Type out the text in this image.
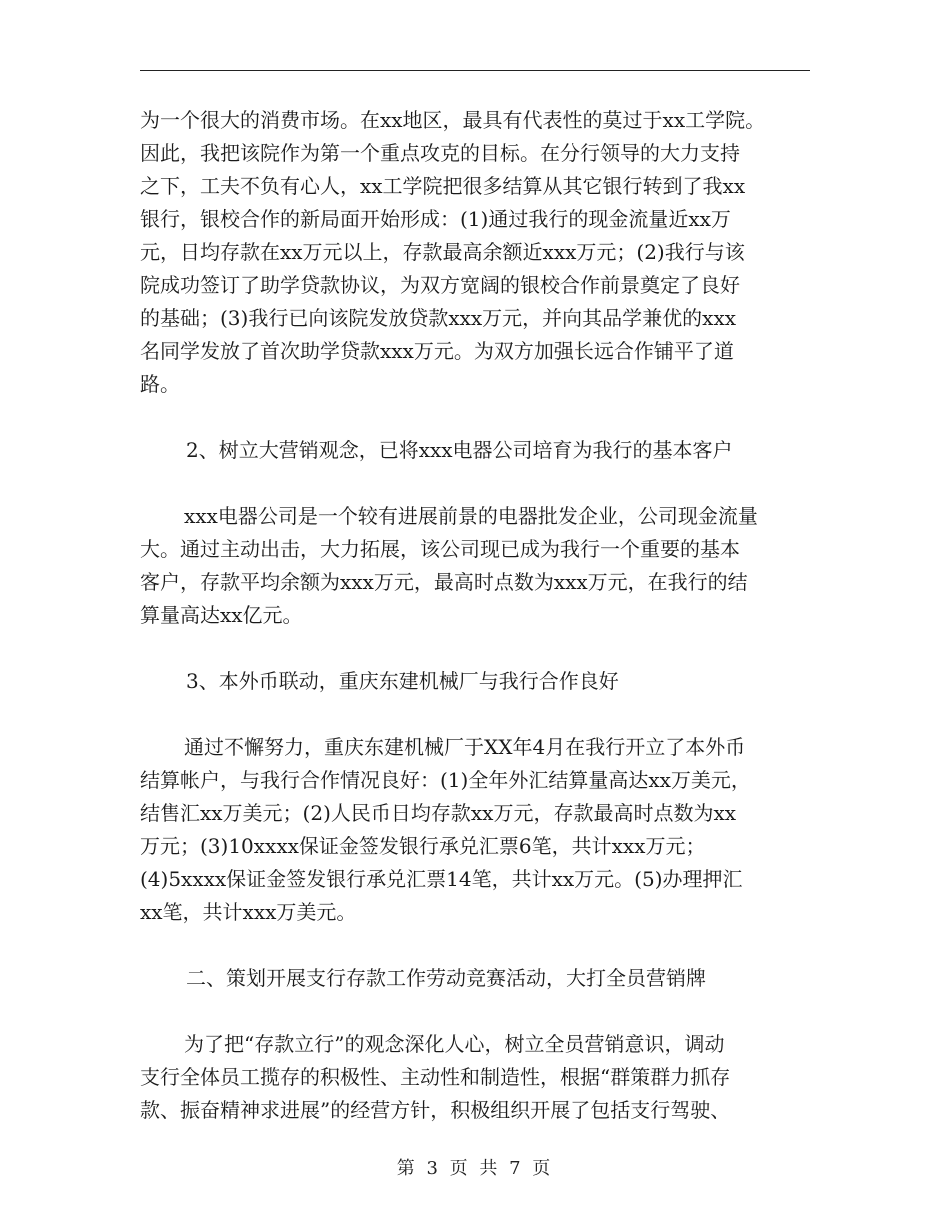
为一个很大的消费市场。在xx地区，最具有代表性的莫过于xx工学院。
因此，我把该院作为第一个重点攻克的目标。在分行领导的大力支持
之下，工夫不负有心人，xx工学院把很多结算从其它银行转到了我xx
银行，银校合作的新局面开始形成：(1)通过我行的现金流量近xx万
元，日均存款在xx万元以上，存款最高余额近xxx万元；(2)我行与该
院成功签订了助学贷款协议，为双方宽阔的银校合作前景奠定了良好
的基础；(3)我行已向该院发放贷款xxx万元，并向其品学兼优的xxx
名同学发放了首次助学贷款xxx万元。为双方加强长远合作铺平了道
路。
2、树立大营销观念，已将xxx电器公司培育为我行的基本客户
xxx电器公司是一个较有进展前景的电器批发企业，公司现金流量
大。通过主动出击，大力拓展，该公司现已成为我行一个重要的基本
客户，存款平均余额为xxx万元，最高时点数为xxx万元，在我行的结
算量高达xx亿元。
3、本外币联动，重庆东建机械厂与我行合作良好
通过不懈努力，重庆东建机械厂于XX年4月在我行开立了本外币
结算帐户，与我行合作情况良好：(1)全年外汇结算量高达xx万美元，
结售汇xx万美元；(2)人民币日均存款xx万元，存款最高时点数为xx
万元；(3)10xxxx保证金签发银行承兑汇票6笔，共计xxx万元；
(4)5xxxx保证金签发银行承兑汇票14笔，共计xx万元。(5)办理押汇
xx笔，共计xxx万美元。
二、策划开展支行存款工作劳动竞赛活动，大打全员营销牌
为了把“存款立行”的观念深化人心，树立全员营销意识，调动
支行全体员工揽存的积极性、主动性和制造性，根据“群策群力抓存
款、振奋精神求进展”的经营方针，积极组织开展了包括支行驾驶、
第 3 页 共 7 页
